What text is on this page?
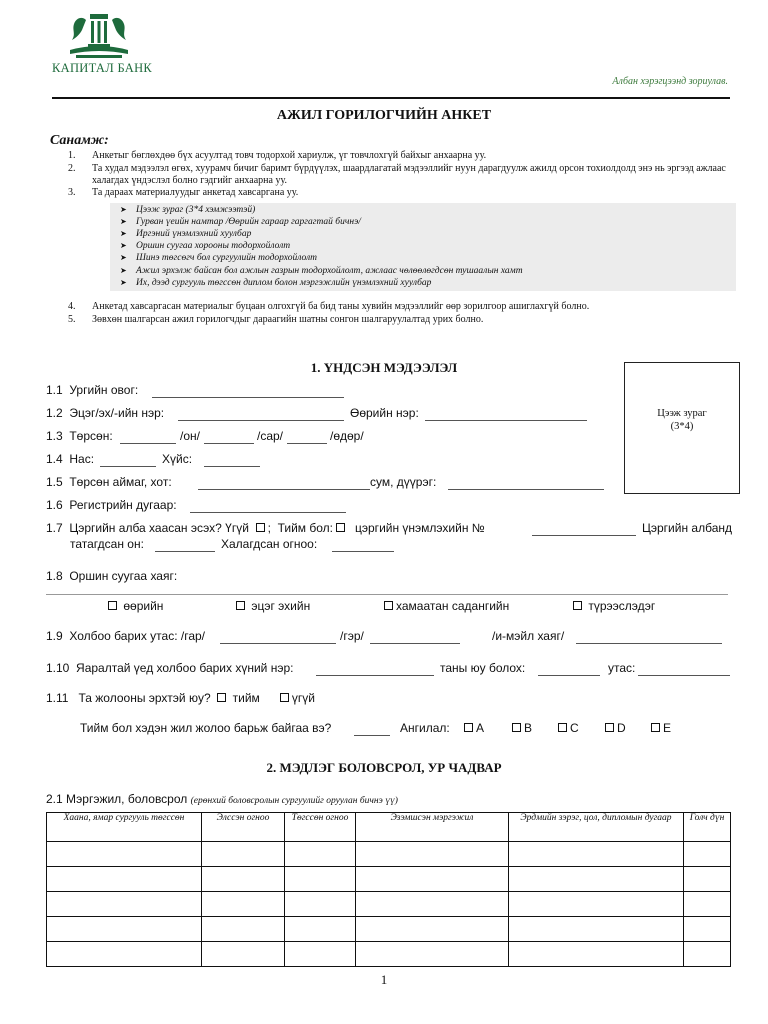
КАПИТАЛ БАНК
Албан хэрэгцээнд зориулав.
АЖИЛ ГОРИЛОГЧИЙН АНКЕТ
Санамж:
1. Анкетыг бөглөхдөө бүх асуултад товч тодорхой хариулж, үг товчлохгүй байхыг анхаарна уу.
2. Та худал мэдээлэл өгөх, хуурамч бичиг баримт бүрдүүлэх, шаардлагатай мэдээллийг нуун дарагдуулж ажилд орсон тохиолдолд энэ нь эргээд ажлаас халагдах үндэслэл болно гэдгийг анхаарна уу.
3. Та дараах материалуудыг анкетад хавсаргана уу.
➤ Цээж зураг (3*4 хэмжээтэй)
➤ Гурван үеийн намтар /Өөрийн гараар гаргагтай бичнэ/
➤ Иргэний үнэмлэхний хуулбар
➤ Оршин суугаа хорооны тодорхойлолт
➤ Шинэ төгсөгч бол сургуулийн тодорхойлолт
➤ Ажил эрхэлж байсан бол ажлын газрын тодорхойлолт, ажлаас чөлөөлөгдсөн тушаалын хамт
➤ Их, дээд сургууль төгссөн диплом болон мэргэжлийн үнэмлэхний хуулбар
4. Анкетад хавсаргасан материалыг буцаан олгохгүй ба бид таны хувийн мэдээллийг өөр зорилгоор ашиглахгүй болно.
5. Зөвхөн шалгарсан ажил горилогчдыг дараагийн шатны сонгон шалгаруулалтад урих болно.
1. ҮНДСЭН МЭДЭЭЛЭЛ
Цээж зураг
(3*4)
1.1  Ургийн овог:
1.2  Эцэг/эх/-ийн нэр:	Өөрийн нэр:
1.3  Төрсөн:	/он/	/сар/	/өдөр/
1.4  Нас:	Хүйс:
1.5  Төрсөн аймаг, хот:	сум, дүүрэг:
1.6  Регистрийн дугаар:
1.7  Цэргийн алба хаасан эсэх? Үгүй ;  Тийм бол: цэргийн үнэмлэхийн №	Цэргийн албанд
татагдсан он:	Халагдсан огноо:
1.8  Оршин суугаа хаяг:
өөрийн	эцэг эхийн	хамаатан садангийн	түрээслэдэг
1.9  Холбоо барих утас: /гар/	/гэр/	/и-мэйл хаяг/
1.10  Яаралтай үед холбоо барих хүний нэр:	таны юу болох:	утас:
1.11   Та жолооны эрхтэй юу? тийм	үгүй
Тийм бол хэдэн жил жолоо барьж байгаа вэ?	Ангилал:	A	B	C	D	E
2. МЭДЛЭГ БОЛОВСРОЛ, УР ЧАДВАР
2.1 Мэргэжил, боловсрол (ерөнхий боловсролын сургуулийг оруулан бичнэ үү)
Хаана, ямар сургууль төгссөн	Элссэн огноо	Төгссөн огноо	Эзэмшсэн мэргэжил	Эрдмийн зэрэг, цол, дипломын дугаар	Голч дүн

1
